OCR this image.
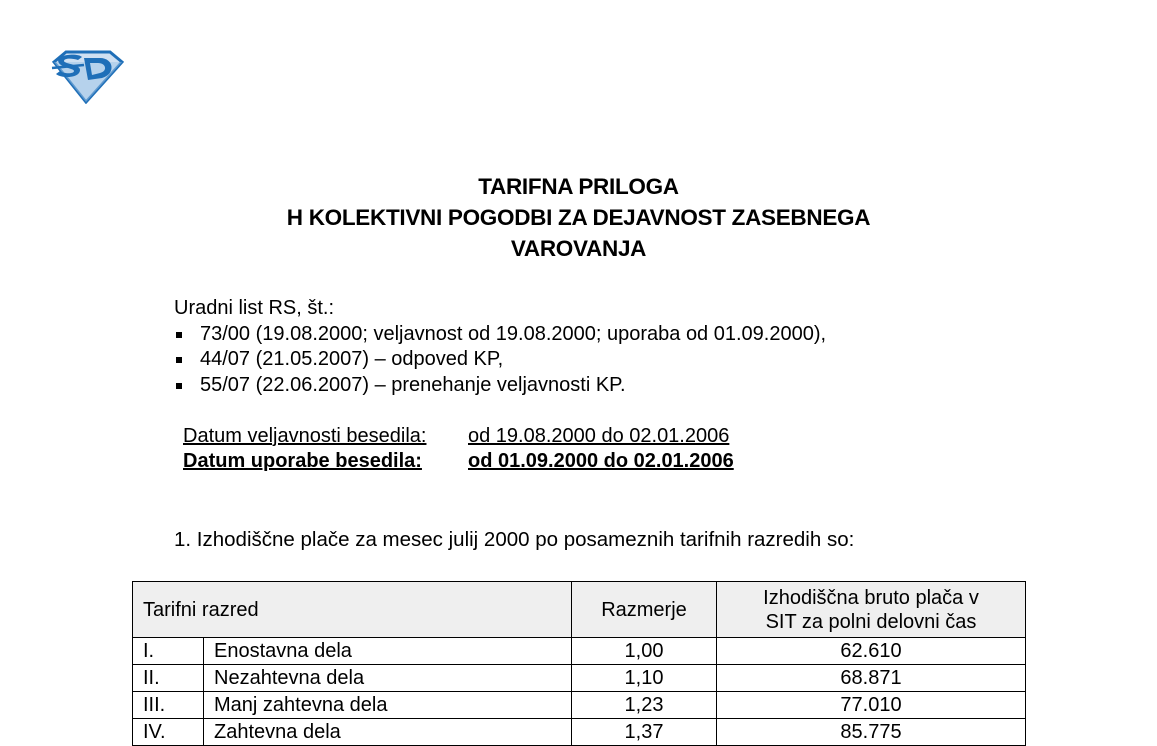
TARIFNA PRILOGA
H KOLEKTIVNI POGODBI ZA DEJAVNOST ZASEBNEGA
VAROVANJA
Uradni list RS, št.:
73/00 (19.08.2000; veljavnost od 19.08.2000; uporaba od 01.09.2000),
44/07 (21.05.2007) – odpoved KP,
55/07 (22.06.2007) – prenehanje veljavnosti KP.
Datum veljavnosti besedila:	od 19.08.2000 do 02.01.2006
Datum uporabe besedila:	od 01.09.2000 do 02.01.2006
1. Izhodiščne plače za mesec julij 2000 po posameznih tarifnih razredih so:
Tarifni razred		Razmerje	Izhodiščna bruto plača v
SIT za polni delovni čas

I.	Enostavna dela	1,00	62.610
II.	Nezahtevna dela	1,10	68.871
III.	Manj zahtevna dela	1,23	77.010
IV.	Zahtevna dela	1,37	85.775
